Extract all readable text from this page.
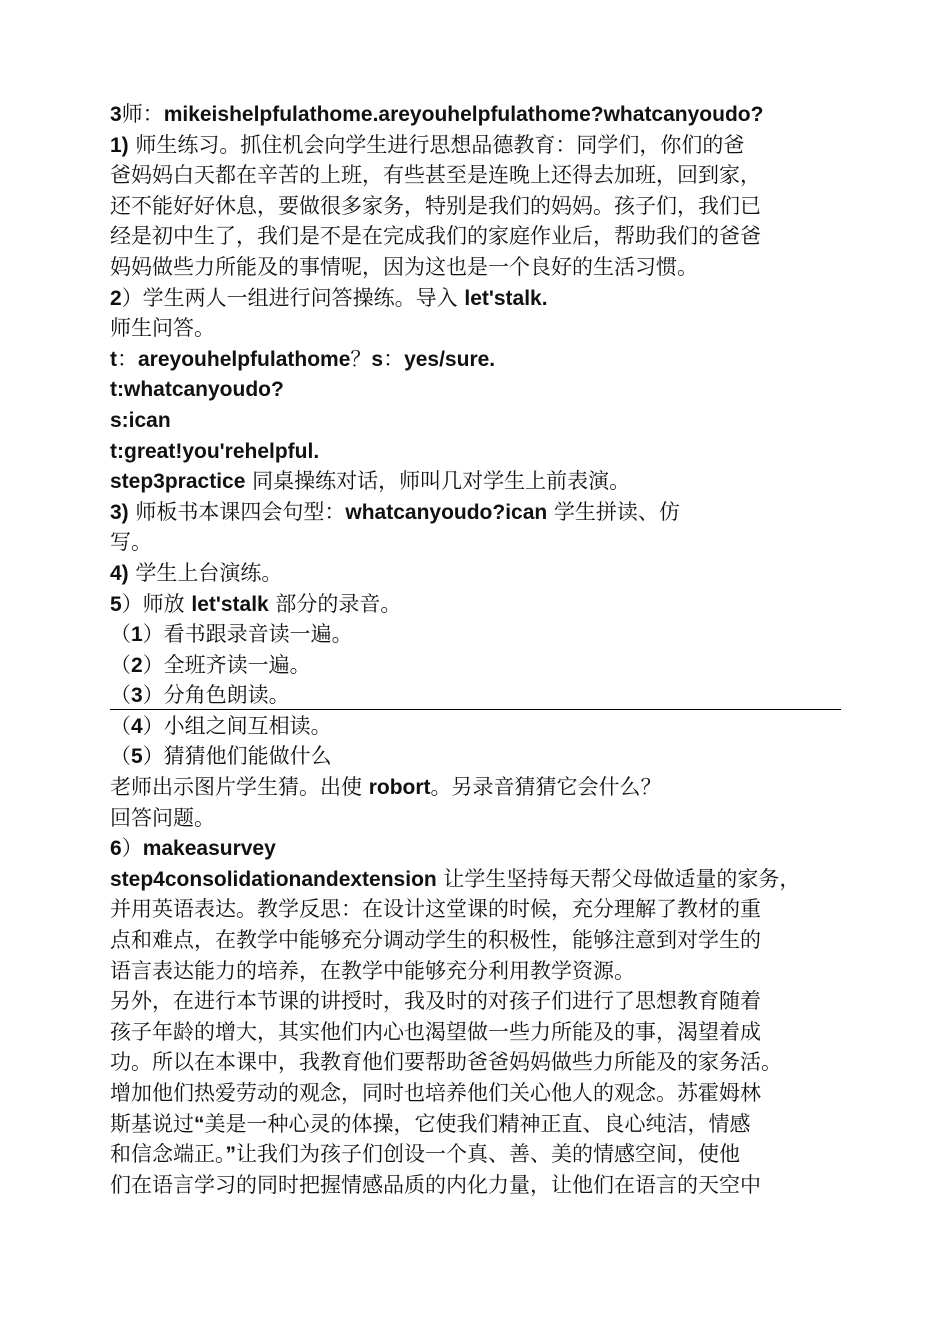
3师：mikeishelpfulathome.areyouhelpfulathome?whatcanyoudo?
1) 师生练习。抓住机会向学生进行思想品德教育：同学们，你们的爸
爸妈妈白天都在辛苦的上班，有些甚至是连晚上还得去加班，回到家，
还不能好好休息，要做很多家务，特别是我们的妈妈。孩子们，我们已
经是初中生了，我们是不是在完成我们的家庭作业后，帮助我们的爸爸
妈妈做些力所能及的事情呢，因为这也是一个良好的生活习惯。
2）学生两人一组进行问答操练。导入 let'stalk.
师生问答。
t：areyouhelpfulathome？s：yes/sure.
t:whatcanyoudo?
s:ican
t:great!you'rehelpful.
step3practice 同桌操练对话，师叫几对学生上前表演。
3) 师板书本课四会句型：whatcanyoudo?ican 学生拼读、仿
写。
4) 学生上台演练。
5）师放 let'stalk 部分的录音。
（1）看书跟录音读一遍。
（2）全班齐读一遍。
（3）分角色朗读。
（4）小组之间互相读。
（5）猜猜他们能做什么
老师出示图片学生猜。出使 robort。另录音猜猜它会什么？
回答问题。
6）makeasurvey
step4consolidationandextension 让学生坚持每天帮父母做适量的家务，
并用英语表达。教学反思：在设计这堂课的时候，充分理解了教材的重
点和难点，在教学中能够充分调动学生的积极性，能够注意到对学生的
语言表达能力的培养，在教学中能够充分利用教学资源。
另外，在进行本节课的讲授时，我及时的对孩子们进行了思想教育随着
孩子年龄的增大，其实他们内心也渴望做一些力所能及的事，渴望着成
功。所以在本课中，我教育他们要帮助爸爸妈妈做些力所能及的家务活。
增加他们热爱劳动的观念，同时也培养他们关心他人的观念。苏霍姆林
斯基说过“美是一种心灵的体操，它使我们精神正直、良心纯洁，情感
和信念端正。”让我们为孩子们创设一个真、善、美的情感空间，使他
们在语言学习的同时把握情感品质的内化力量，让他们在语言的天空中
